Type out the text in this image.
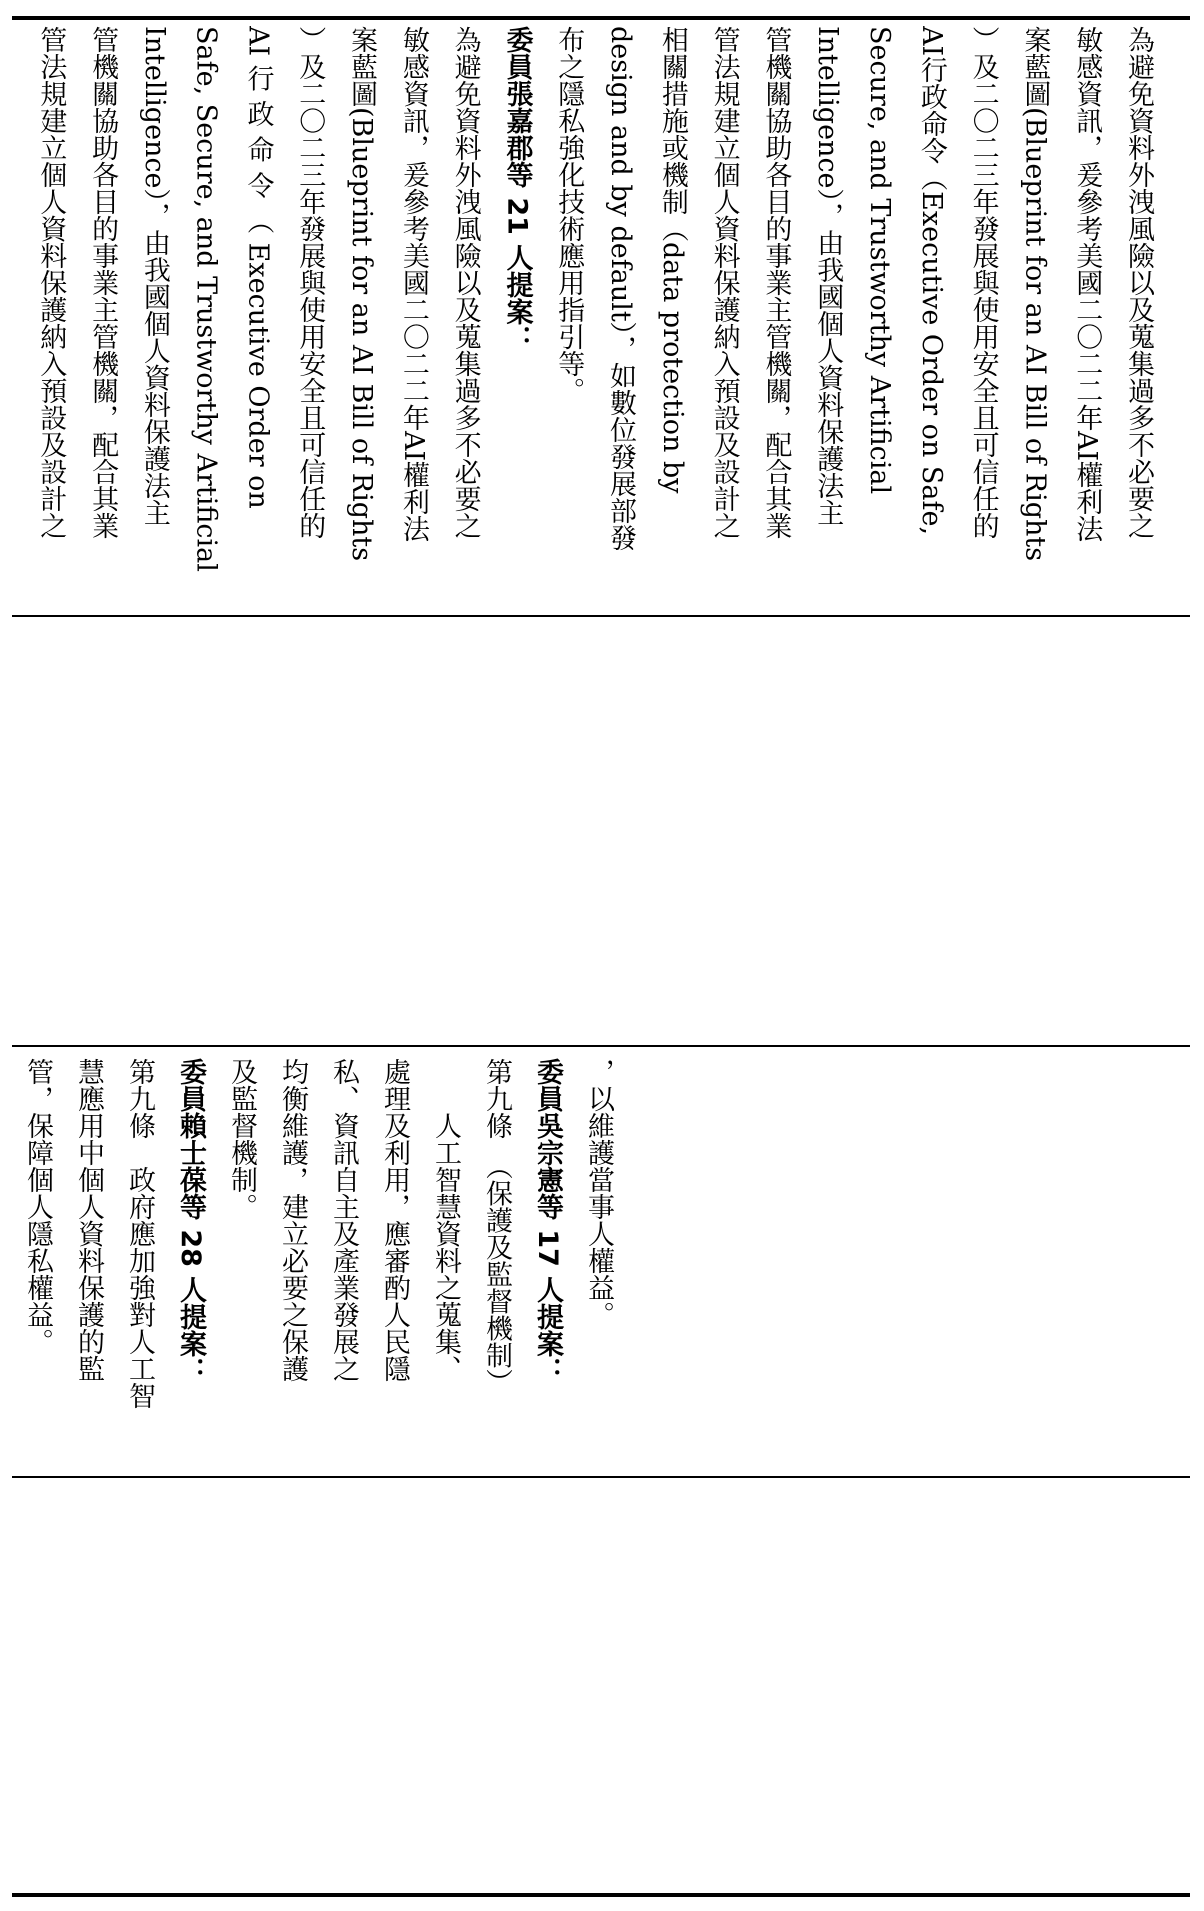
為避免資料外洩風險以及蒐集過多不必要之
敏感資訊，爰參考美國二〇二二年AI權利法
案藍圖(Blueprint for an AI Bill of Rights
）及二〇二三年發展與使用安全且可信任的
AI行政命令（Executive Order on Safe,
Secure, and Trustworthy Artificial
Intelligence），由我國個人資料保護法主
管機關協助各目的事業主管機關，配合其業
管法規建立個人資料保護納入預設及設計之
相關措施或機制（data protection by
design and by default），如數位發展部發
布之隱私強化技術應用指引等。
委員張嘉郡等 21 人提案：
為避免資料外洩風險以及蒐集過多不必要之
敏感資訊，爰參考美國二〇二二年AI權利法
案藍圖(Blueprint for an AI Bill of Rights
）及二〇二三年發展與使用安全且可信任的
AI 行 政 命 令 （ Executive Order on
Safe, Secure, and Trustworthy Artificial
Intelligence），由我國個人資料保護法主
管機關協助各目的事業主管機關，配合其業
管法規建立個人資料保護納入預設及設計之
，以維護當事人權益。
委員吳宗憲等 17 人提案：
第九條　（保護及監督機制）
　　人工智慧資料之蒐集、
處理及利用，應審酌人民隱
私、資訊自主及產業發展之
均衡維護，建立必要之保護
及監督機制。
委員賴士葆等 28 人提案：
第九條　政府應加強對人工智
慧應用中個人資料保護的監
管，保障個人隱私權益。
